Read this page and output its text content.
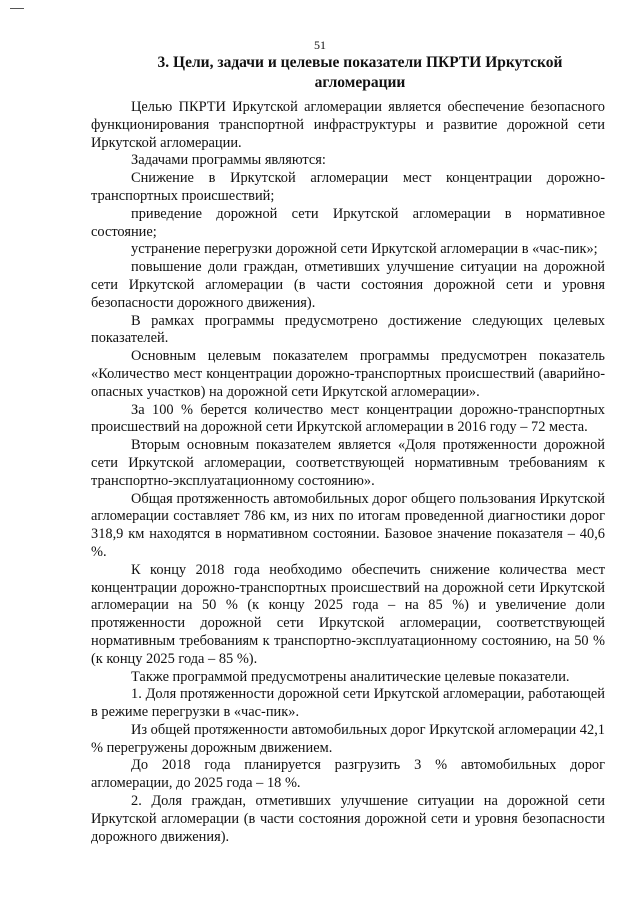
51
3. Цели, задачи и целевые показатели ПКРТИ Иркутской агломерации

Целью ПКРТИ Иркутской агломерации является обеспечение безопасного функционирования транспортной инфраструктуры и развитие дорожной сети Иркутской агломерации.

Задачами программы являются:

Снижение в Иркутской агломерации мест концентрации дорожно-транспортных происшествий;

приведение дорожной сети Иркутской агломерации в нормативное состояние;

устранение перегрузки дорожной сети Иркутской агломерации в «час-пик»;

повышение доли граждан, отметивших улучшение ситуации на дорожной сети Иркутской агломерации (в части состояния дорожной сети и уровня безопасности дорожного движения).

В рамках программы предусмотрено достижение следующих целевых показателей.

Основным целевым показателем программы предусмотрен показатель «Количество мест концентрации дорожно-транспортных происшествий (аварийно-опасных участков) на дорожной сети Иркутской агломерации».

За 100 % берется количество мест концентрации дорожно-транспортных происшествий на дорожной сети Иркутской агломерации в 2016 году – 72 места.

Вторым основным показателем является «Доля протяженности дорожной сети Иркутской агломерации, соответствующей нормативным требованиям к транспортно-эксплуатационному состоянию».

Общая протяженность автомобильных дорог общего пользования Иркутской агломерации составляет 786 км, из них по итогам проведенной диагностики дорог 318,9 км находятся в нормативном состоянии. Базовое значение показателя – 40,6 %.

К концу 2018 года необходимо обеспечить снижение количества мест концентрации дорожно-транспортных происшествий на дорожной сети Иркутской агломерации на 50 % (к концу 2025 года – на 85 %) и увеличение доли протяженности дорожной сети Иркутской агломерации, соответствующей нормативным требованиям к транспортно-эксплуатационному состоянию, на 50 % (к концу 2025 года – 85 %).

Также программой предусмотрены аналитические целевые показатели.

1. Доля протяженности дорожной сети Иркутской агломерации, работающей в режиме перегрузки в «час-пик».

Из общей протяженности автомобильных дорог Иркутской агломерации 42,1 % перегружены дорожным движением.

До 2018 года планируется разгрузить 3 % автомобильных дорог агломерации, до 2025 года – 18 %.

2. Доля граждан, отметивших улучшение ситуации на дорожной сети Иркутской агломерации (в части состояния дорожной сети и уровня безопасности дорожного движения).
